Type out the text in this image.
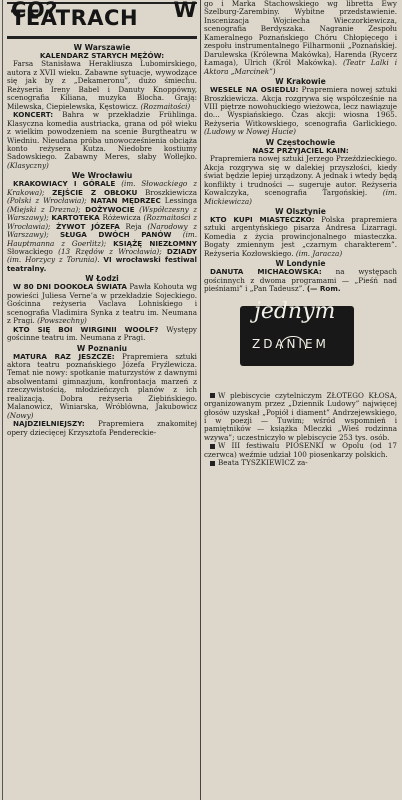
CO? W TEATRACH
W Warszawie

KALENDARZ STARYCH MĘŻÓW:

Farsa Stanisława Herakliusza Lubomirskiego, autora z XVII wieku. Zabawne sytuacje, wywodzące się jak by z „Dekameronu”, dużo śmiechu. Reżyseria Ireny Babel i Danuty Knoppówny, scenografia Kiliana, muzyka Blocha. Grają: Milewska, Ciepielewska, Kęstowicz. (Rozmaitości)

KONCERT: Bahra w przekładzie Frühlinga. Klasyczna komedia austriacka, grana od pół wieku z wielkim powodzeniem na scenie Burgtheatru w Wiedniu. Nieudana próba unowocześnienia obciąża konto reżysera Kutza. Niedobre kostiumy Sadowskiego. Zabawny Meres, słaby Wołlejko. (Klasyczny)

We Wrocławiu

KRAKOWIACY I GÓRALE (im. Słowackiego z Krakowa); ZEJŚCIE Z OBŁOKU Broszkiewicza (Polski z Wrocławia); NATAN MĘDRZEC Lessinga (Miejski z Drezna); DOŻYWOCIE (Współczesny z Warszawy); KARTOTEKA Różewicza (Rozmaitości z Wrocławia); ŻYWOT JÓZEFA Reja (Narodowy z Warszawy); SŁUGA DWÓCH PANÓW (im. Hauptmanna z Goerlitz); KSIĄŻĘ NIEZŁOMNY Słowackiego (13 Rzędów z Wrocławia); DZIADY (im. Horzycy z Torunia). VI wrocławski festiwal teatralny.

W Łodzi

W 80 DNI DOOKOŁA ŚWIATA Pawła Kohouta wg powieści Juliesa Verne’a w przekładzie Sojeckiego. Gościnna reżyseria Vaclava Lohniskiego i scenografia Vladimira Synka z teatru im. Neumana z Pragi. (Powszechny)

KTO SIĘ BOI WIRGINII WOOLF? Występy gościnne teatru im. Neumana z Pragi.

W Poznaniu

MATURA RAZ JESZCZE: Prapremiera sztuki aktora teatru poznańskiego Józefa Fryźlewicza. Temat nie nowy: spotkanie maturzystów z dawnymi absolwentami gimnazjum, konfrontacja marzeń z rzeczywistością, młodzieńczych planów z ich realizacją. Dobra reżyseria Ziębińskiego. Malanowicz, Winiarska, Wróblówna, Jakubowicz (Nowy)

NAJDZIELNIEJSZY: Prapremiera znakomitej opery dziecięcej Krzysztofa Pendereckie-

go i Marka Stachowskiego wg libretta Ewy Szelburg-Zarembiny. Wybitne przedstawienie. Inscenizacja Wojciecha Wieczorkiewicza, scenografia Berdyszaka. Nagranie Zespołu Kameralnego Poznańskiego Chóru Chłopięcego i zespołu instrumentalnego Filharmonii „Poznańskiej. Darulewska (Królewna Makówka), Harenda (Rycerz Łamaga), Ulrich (Król Makówka). (Teatr Lalki i Aktora „Marcinek”)

W Krakowie

WESELE NA OSIEDLU: Prapremiera nowej sztuki Broszkiewicza. Akcja rozgrywa się współcześnie na VIII piętrze nowohuckiego wieżowca, lecz nawiązuje do... Wyspiańskiego. Czas akcji: wiosna 1965. Reżyseria Witkowskiego, scenografia Garlickiego. (Ludowy w Nowej Hucie)

W Częstochowie

NASZ PRZYJACIEL KAIN:

Prapremiera nowej sztuki Jerzego Przeździeckiego. Akcja rozgrywa się w dalekiej przyszłości, kiedy świat będzie lepiej urządzony. A jednak i wtedy będą konflikty i trudności — sugeruje autor. Reżyseria Kowalczyka, scenografia Targońskiej. (im. Mickiewicza)

W Olsztynie

KTO KUPI MIASTECZKO: Polska prapremiera sztuki argentyńskiego pisarza Andresa Lizarragi. Komedia z życia prowincjonalnego miasteczka. Bogaty zmiennym jest „czarnym charakterem”. Reżyseria Kozłowskiego. (im. Jaracza)

W Londynie

DANUTA MICHAŁOWSKA: na występach gościnnych z dwoma programami — „Pieśń nad pieśniami” i „Pan Tadeusz”. (— Rom.

jednym
ZDANIEM

W plebiscycie czytelniczym ZŁOTEGO KŁOSA, organizowanym przez „Dziennik Ludowy” najwięcej głosów uzyskał „Popiół i diament” Andrzejewskiego, i w poezji — Tuwim; wśród wspomnień i pamiętników — książka Mleczki „Wieś rodzinna wzywa”; uczestniczyło w plebiscycie 253 tys. osób.

W III festiwalu PIOSENKI w Opolu (od 17 czerwca) weźmie udział 100 piosenkarzy polskich.

Beata TYSZKIEWICZ za-
